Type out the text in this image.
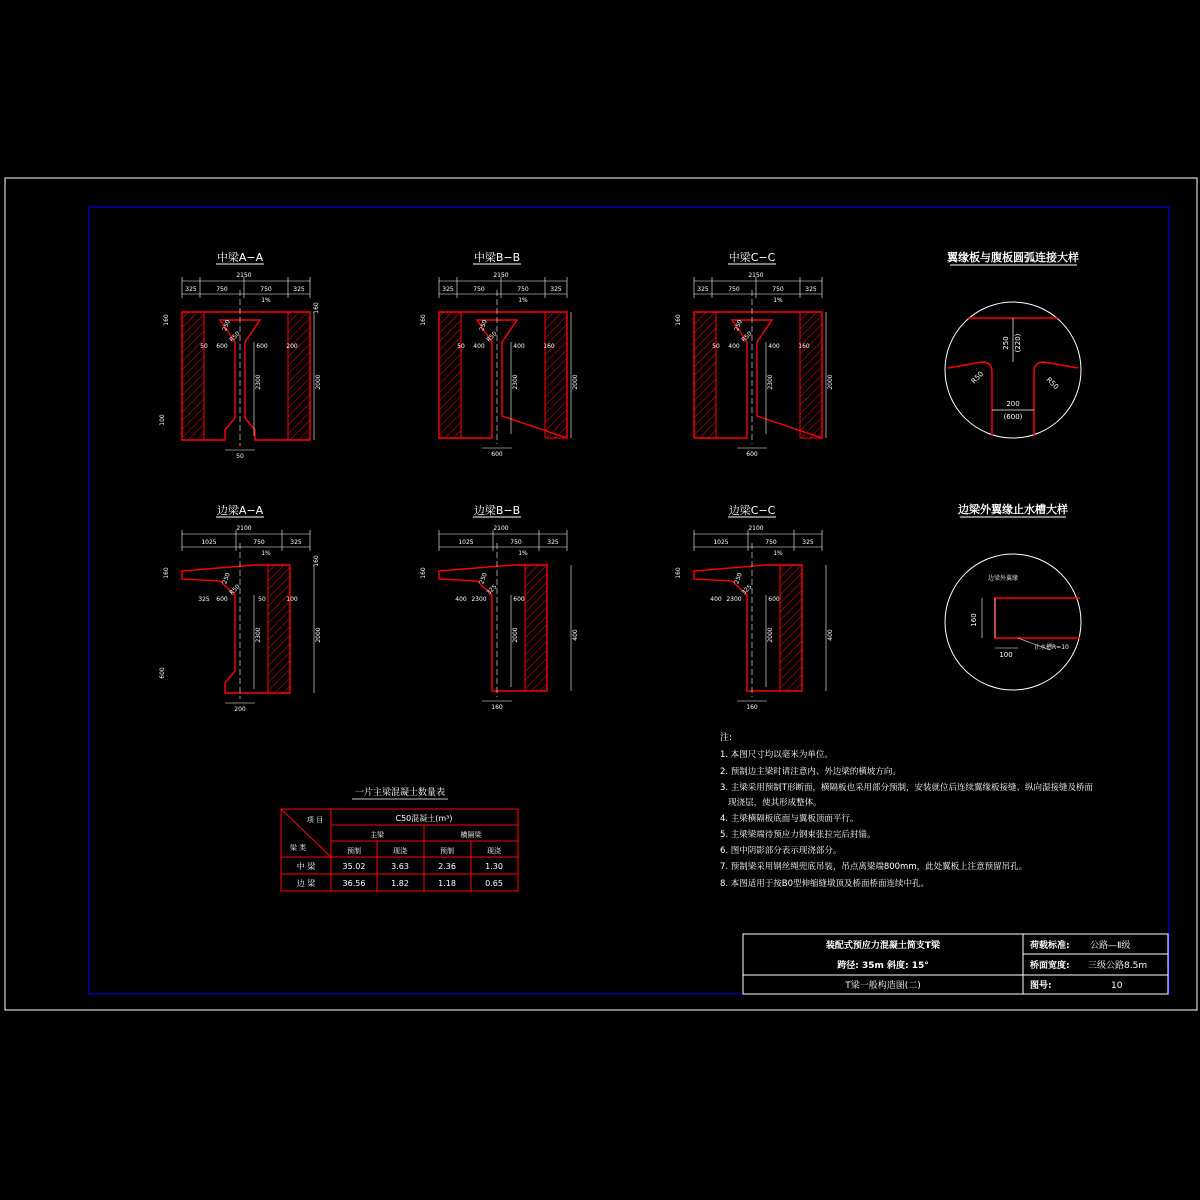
中梁A−A
2150
325	750	750	325
1%
160	250
R50
50 600
2300	2000
600
50
200
100
160
中梁B−B
2150
325	750	750	325
1%
160	250
R50
50 400
2300	2000
400
600
160
中梁C−C
2150
325	750	750	325
1%
160	250
R50
50 400
2300	2000
400
600
160
边梁A−A
2100
1025	750	325
1%
160	250
R50
325 600
2300	2000
50
200
100
600
160
边梁B−B
2100
1025	750	325
1%
160	250
325
400 2300
2000	400
600
160
边梁C−C
2100
1025	750	325
1%
160	250
325
400 2300
2000	400
600
160
翼缘板与腹板圆弧连接大样
250 (220)
R50	R50
200
(600)
边梁外翼缘止水槽大样
边梁外翼缘
160
100
止水槽R=10
一片主梁混凝土数量表
项 目
梁 类
C50混凝土(m³)
主梁	横隔梁
预制	现浇	预制	现浇
中 梁	35.02	3.63	2.36	1.30
边 梁	36.56	1.82	1.18	0.65
注:
1. 本图尺寸均以毫米为单位。
2. 预制边主梁时请注意内、外边梁的横坡方向。
3. 主梁采用预制T形断面，横隔板也采用部分预制，安装就位后连续翼缘板接缝、纵向湿接缝及桥面
现浇层，使其形成整体。
4. 主梁横隔板底面与翼板顶面平行。
5. 主梁梁端待预应力钢束张拉完后封锚。
6. 图中阴影部分表示现浇部分。
7. 预制梁采用钢丝绳兜底吊装，吊点离梁端800mm，此处翼板上注意预留吊孔。
8. 本图适用于按B0型伸缩缝墩顶及桥面桥面连续中孔。
装配式预应力混凝土简支T梁
跨径: 35m 斜度: 15°
T梁一般构造图(二)
荷载标准: 公路—Ⅱ级
桥面宽度: 三级公路8.5m
图号:	10
